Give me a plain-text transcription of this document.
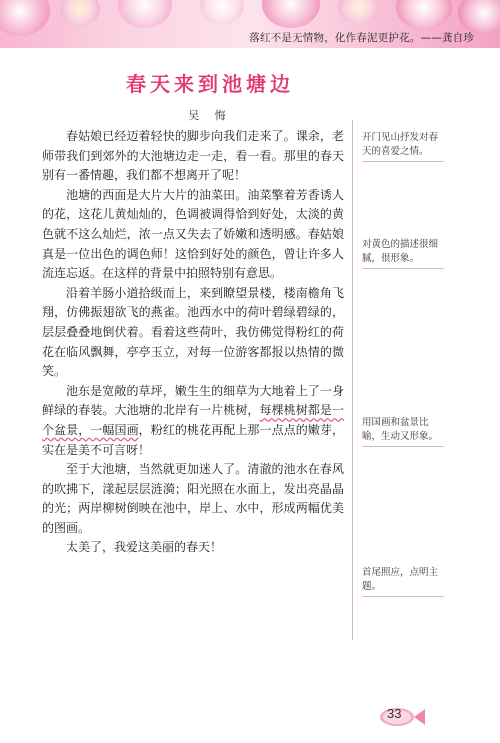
落红不是无情物，化作春泥更护花。——龚自珍
春天来到池塘边
吴 悔

春姑娘已经迈着轻快的脚步向我们走来了。课余，老师带我们到郊外的大池塘边走一走，看一看。那里的春天别有一番情趣，我们都不想离开了呢！

池塘的西面是大片大片的油菜田。油菜擎着芳香诱人的花，这花儿黄灿灿的，色调被调得恰到好处，太淡的黄色就不这么灿烂，浓一点又失去了娇嫩和透明感。春姑娘真是一位出色的调色师！这恰到好处的颜色，曾让许多人流连忘返。在这样的背景中拍照特别有意思。

沿着羊肠小道拾级而上，来到瞭望景楼，楼南檐角飞翔，仿佛振翅欲飞的燕雀。池西水中的荷叶碧绿碧绿的，层层叠叠地倒伏着。看着这些荷叶，我仿佛觉得粉红的荷花在临风飘舞，亭亭玉立，对每一位游客都报以热情的微笑。

池东是宽敞的草坪，嫩生生的细草为大地着上了一身鲜绿的春装。大池塘的北岸有一片桃树，每棵桃树都是一个盆景，一幅国画，粉红的桃花再配上那一点点的嫩芽，实在是美不可言呀！

至于大池塘，当然就更加迷人了。清澈的池水在春风的吹拂下，漾起层层涟漪；阳光照在水面上，发出亮晶晶的光；两岸柳树倒映在池中，岸上、水中，形成两幅优美的图画。

太美了，我爱这美丽的春天！

开门见山抒发对春天的喜爱之情。
对黄色的描述很细腻，很形象。
用国画和盆景比喻，生动又形象。
首尾照应，点明主题。
33
